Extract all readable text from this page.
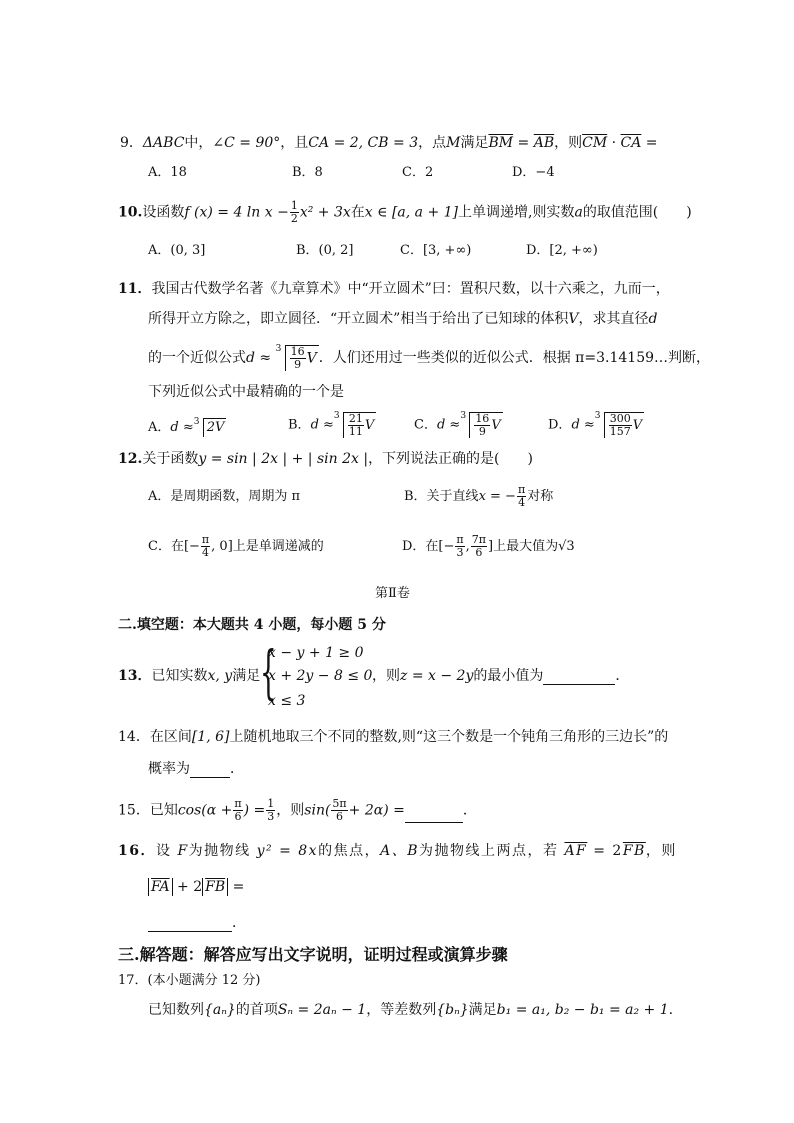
9．ΔABC中，∠C = 90°，且CA = 2, CB = 3，点M满足$\overline{BM} = \overline{AB}$，则$\overline{CM} \cdot \overline{CA}$ =
A．18	B．8	C．2	D．−4
10.设函数f (x) = 4 $\ln x - \frac{1}{2} x^2 + 3x$在x ∈ [a, a + 1]上单调递增,则实数a的取值范围(　　)
A．(0, 3]	B．(0, 2]	C．[3, +∞)	D．[2, +∞)
11．我国古代数学名著《九章算术》中“开立圆术”曰：置积尺数，以十六乘之，九而一，
所得开立方除之，即立圆径．“开立圆术”相当于给出了已知球的体积V，求其直径d
的一个近似公式d ≈
$3 \frac{16}{9}$ V ．人们还用过一些类似的近似公式．根据 π=3.14159…判断，
下列近似公式中最精确的一个是
A．d ≈ 3 2V	B．d ≈
$3 \frac{21}{11}$ V	C．d ≈
$3 \frac{16}{9}$ V	D．d ≈
$3 \frac{300}{157}$ V
12.关于函数y = sin | 2x | + | sin 2x |，下列说法正确的是(　　)
A．是周期函数，周期为 π	B．关于直线x = − $\frac{\pi}{4}$ 对称
C．在[− $\frac{\pi}{4}$ , 0]上是单调递减的	D．在[− $\frac{\pi}{3}$ , $\frac{7\pi}{6}$ ]上最大值为√3
第Ⅱ卷
二.填空题：本大题共 4 小题，每小题 5 分
13．已知实数x, y满足 {
x − y + 1 ≥ 0
x + 2y − 8 ≤ 0
x ≤ 3
，则z = x − 2y的最小值为	．
14．在区间[1, 6]上随机地取三个不同的整数,则“这三个数是一个钝角三角形的三边长”的
概率为	．
15．已知$\cos(\alpha + \frac{\pi}{6}$ ) = $\frac{1}{3}$ ，则$\sin( \frac{5\pi}{6} + 2\alpha)$ =	．
16．设 F为抛物线 y² = 8x的焦点，A、B为抛物线上两点，若 $\overline{AF} = 2\overline{FB}$，则
$\overline{FA} + 2$ $\overline{FB}$ =
．
三.解答题：解答应写出文字说明，证明过程或演算步骤
17．(本小题满分 12 分)
已知数列{aₙ}的首项Sₙ = 2aₙ − 1，等差数列{bₙ}满足b₁ = a₁, b₂ − b₁ = a₂ + 1.
